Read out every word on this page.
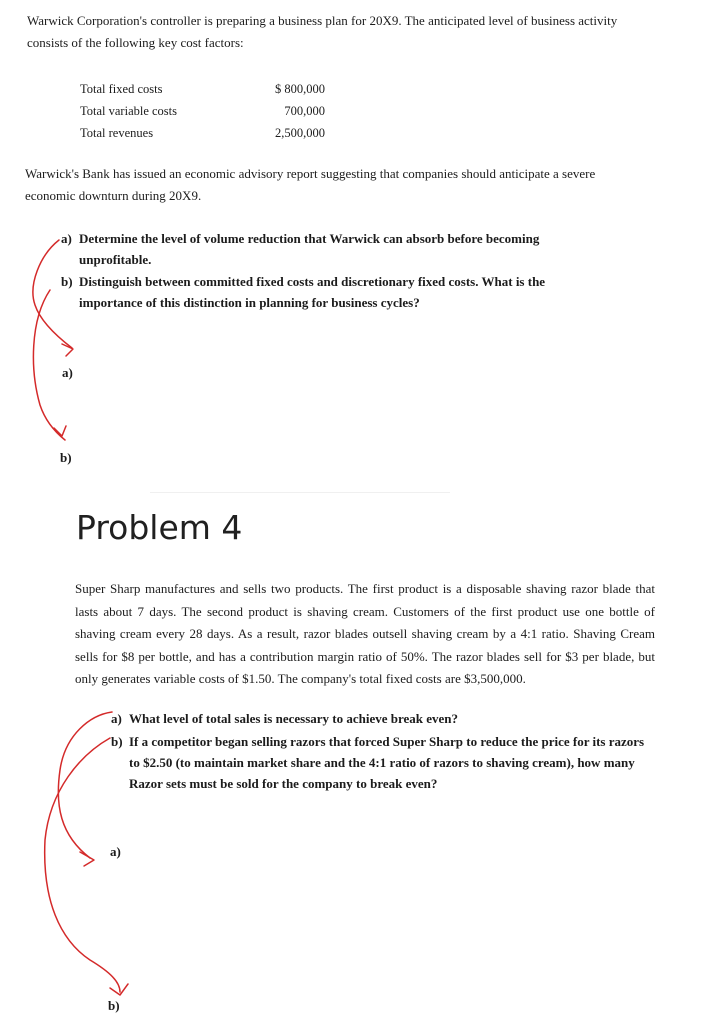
Warwick Corporation's controller is preparing a business plan for 20X9. The anticipated level of business activity consists of the following key cost factors:

Total fixed costs	$ 800,000
Total variable costs	700,000
Total revenues	2,500,000

Warwick's Bank has issued an economic advisory report suggesting that companies should anticipate a severe economic downturn during 20X9.

a) Determine the level of volume reduction that Warwick can absorb before becoming unprofitable.
b) Distinguish between committed fixed costs and discretionary fixed costs. What is the importance of this distinction in planning for business cycles?
a)
b)
Problem 4

Super Sharp manufactures and sells two products. The first product is a disposable shaving razor blade that lasts about 7 days. The second product is shaving cream. Customers of the first product use one bottle of shaving cream every 28 days. As a result, razor blades outsell shaving cream by a 4:1 ratio. Shaving Cream sells for $8 per bottle, and has a contribution margin ratio of 50%. The razor blades sell for $3 per blade, but only generates variable costs of $1.50. The company's total fixed costs are $3,500,000.

a) What level of total sales is necessary to achieve break even?
b) If a competitor began selling razors that forced Super Sharp to reduce the price for its razors to $2.50 (to maintain market share and the 4:1 ratio of razors to shaving cream), how many Razor sets must be sold for the company to break even?
a)
b)
